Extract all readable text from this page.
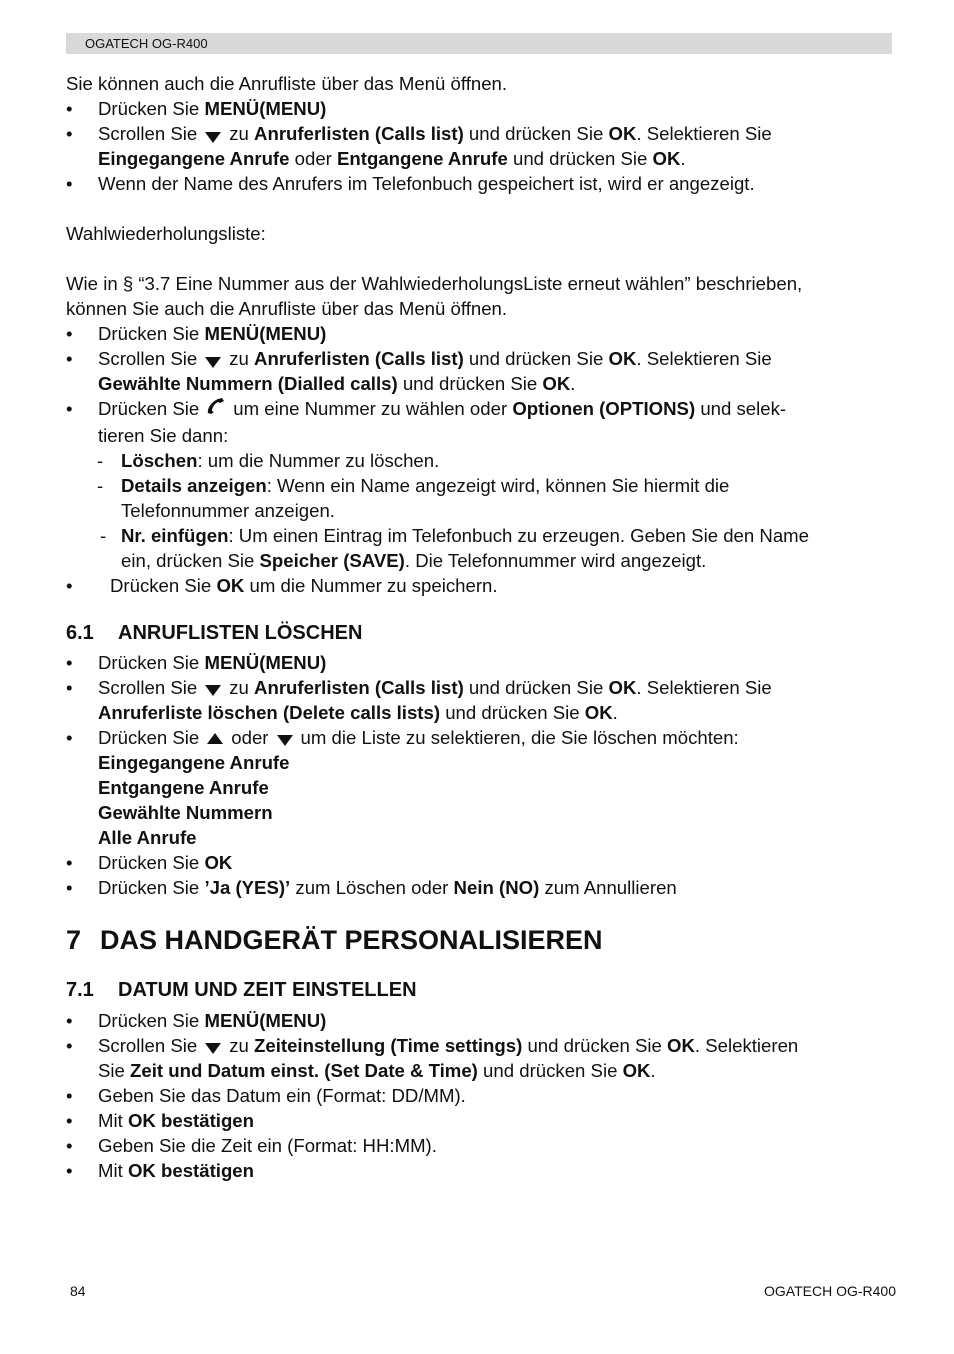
OGATECH OG-R400

Sie können auch die Anrufliste über das Menü öffnen.

• Drücken Sie MENÜ(MENU)
• Scrollen Sie zu Anruferlisten (Calls list) und drücken Sie OK. Selektieren Sie
Eingegangene Anrufe oder Entgangene Anrufe und drücken Sie OK.
• Wenn der Name des Anrufers im Telefonbuch gespeichert ist, wird er angezeigt.

Wahlwiederholungsliste:

Wie in § “3.7 Eine Nummer aus der WahlwiederholungsListe erneut wählen” beschrieben,
können Sie auch die Anrufliste über das Menü öffnen.

• Drücken Sie MENÜ(MENU)
• Scrollen Sie zu Anruferlisten (Calls list) und drücken Sie OK. Selektieren Sie
Gewählte Nummern (Dialled calls) und drücken Sie OK.
• Drücken Sie um eine Nummer zu wählen oder Optionen (OPTIONS) und selek-
tieren Sie dann:
- Löschen: um die Nummer zu löschen.
- Details anzeigen: Wenn ein Name angezeigt wird, können Sie hiermit die
Telefonnummer anzeigen.
- Nr. einfügen: Um einen Eintrag im Telefonbuch zu erzeugen. Geben Sie den Name
ein, drücken Sie Speicher (SAVE). Die Telefonnummer wird angezeigt.
• Drücken Sie OK um die Nummer zu speichern.

6.1 ANRUFLISTEN LÖSCHEN

• Drücken Sie MENÜ(MENU)
• Scrollen Sie zu Anruferlisten (Calls list) und drücken Sie OK. Selektieren Sie
Anruferliste löschen (Delete calls lists) und drücken Sie OK.
• Drücken Sie oder um die Liste zu selektieren, die Sie löschen möchten:
Eingegangene Anrufe
Entgangene Anrufe
Gewählte Nummern
Alle Anrufe
• Drücken Sie OK
• Drücken Sie ’Ja (YES)’ zum Löschen oder Nein (NO) zum Annullieren

7 DAS HANDGERÄT PERSONALISIEREN

7.1 DATUM UND ZEIT EINSTELLEN

• Drücken Sie MENÜ(MENU)
• Scrollen Sie zu Zeiteinstellung (Time settings) und drücken Sie OK. Selektieren
Sie Zeit und Datum einst. (Set Date & Time) und drücken Sie OK.
• Geben Sie das Datum ein (Format: DD/MM).
• Mit OK bestätigen
• Geben Sie die Zeit ein (Format: HH:MM).
• Mit OK bestätigen
84	OGATECH OG-R400
